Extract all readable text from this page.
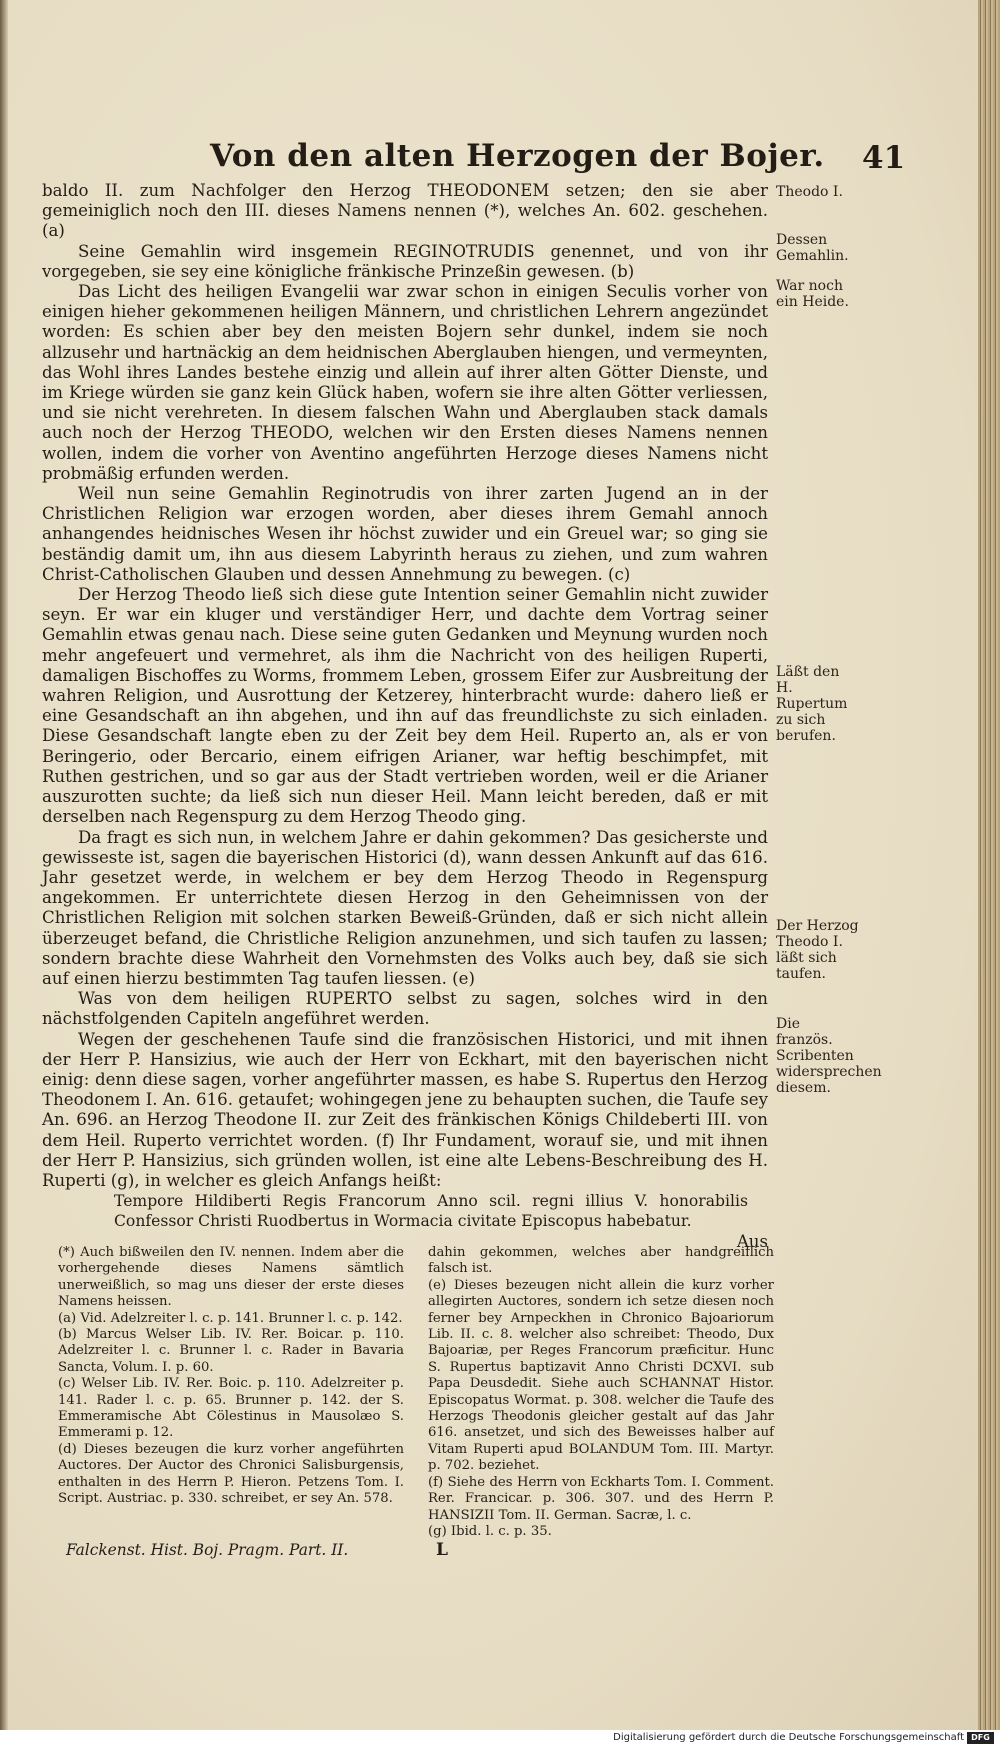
Von den alten Herzogen der Bojer. 41

baldo II. zum Nachfolger den Herzog THEODONEM setzen; den sie aber gemeiniglich noch den III. dieses Namens nennen (*), welches An. 602. geschehen. (a)

Seine Gemahlin wird insgemein REGINOTRUDIS genennet, und von ihr vorgegeben, sie sey eine königliche fränkische Prinzeßin gewesen. (b)

Das Licht des heiligen Evangelii war zwar schon in einigen Seculis vorher von einigen hieher gekommenen heiligen Männern, und christlichen Lehrern angezündet worden: Es schien aber bey den meisten Bojern sehr dunkel, indem sie noch allzusehr und hartnäckig an dem heidnischen Aberglauben hiengen, und vermeynten, das Wohl ihres Landes bestehe einzig und allein auf ihrer alten Götter Dienste, und im Kriege würden sie ganz kein Glück haben, wofern sie ihre alten Götter verliessen, und sie nicht verehreten. In diesem falschen Wahn und Aberglauben stack damals auch noch der Herzog THEODO, welchen wir den Ersten dieses Namens nennen wollen, indem die vorher von Aventino angeführten Herzoge dieses Namens nicht probmäßig erfunden werden.

Weil nun seine Gemahlin Reginotrudis von ihrer zarten Jugend an in der Christlichen Religion war erzogen worden, aber dieses ihrem Gemahl annoch anhangendes heidnisches Wesen ihr höchst zuwider und ein Greuel war; so ging sie beständig damit um, ihn aus diesem Labyrinth heraus zu ziehen, und zum wahren Christ-Catholischen Glauben und dessen Annehmung zu bewegen. (c)

Der Herzog Theodo ließ sich diese gute Intention seiner Gemahlin nicht zuwider seyn. Er war ein kluger und verständiger Herr, und dachte dem Vortrag seiner Gemahlin etwas genau nach. Diese seine guten Gedanken und Meynung wurden noch mehr angefeuert und vermehret, als ihm die Nachricht von des heiligen Ruperti, damaligen Bischoffes zu Worms, frommem Leben, grossem Eifer zur Ausbreitung der wahren Religion, und Ausrottung der Ketzerey, hinterbracht wurde: dahero ließ er eine Gesandschaft an ihn abgehen, und ihn auf das freundlichste zu sich einladen. Diese Gesandschaft langte eben zu der Zeit bey dem Heil. Ruperto an, als er von Beringerio, oder Bercario, einem eifrigen Arianer, war heftig beschimpfet, mit Ruthen gestrichen, und so gar aus der Stadt vertrieben worden, weil er die Arianer auszurotten suchte; da ließ sich nun dieser Heil. Mann leicht bereden, daß er mit derselben nach Regenspurg zu dem Herzog Theodo ging.

Da fragt es sich nun, in welchem Jahre er dahin gekommen? Das gesicherste und gewisseste ist, sagen die bayerischen Historici (d), wann dessen Ankunft auf das 616. Jahr gesetzet werde, in welchem er bey dem Herzog Theodo in Regenspurg angekommen. Er unterrichtete diesen Herzog in den Geheimnissen von der Christlichen Religion mit solchen starken Beweiß-Gründen, daß er sich nicht allein überzeuget befand, die Christliche Religion anzunehmen, und sich taufen zu lassen; sondern brachte diese Wahrheit den Vornehmsten des Volks auch bey, daß sie sich auf einen hierzu bestimmten Tag taufen liessen. (e)

Was von dem heiligen RUPERTO selbst zu sagen, solches wird in den nächstfolgenden Capiteln angeführet werden.

Wegen der geschehenen Taufe sind die französischen Historici, und mit ihnen der Herr P. Hansizius, wie auch der Herr von Eckhart, mit den bayerischen nicht einig: denn diese sagen, vorher angeführter massen, es habe S. Rupertus den Herzog Theodonem I. An. 616. getaufet; wohingegen jene zu behaupten suchen, die Taufe sey An. 696. an Herzog Theodone II. zur Zeit des fränkischen Königs Childeberti III. von dem Heil. Ruperto verrichtet worden. (f) Ihr Fundament, worauf sie, und mit ihnen der Herr P. Hansizius, sich gründen wollen, ist eine alte Lebens-Beschreibung des H. Ruperti (g), in welcher es gleich Anfangs heißt:

Tempore Hildiberti Regis Francorum Anno scil. regni illius V. honorabilis Confessor Christi Ruodbertus in Wormacia civitate Episcopus habebatur.

Aus

Theodo I.
Dessen Gemahlin.
War noch ein Heide.
Läßt den H. Rupertum zu sich berufen.
Der Herzog Theodo I. läßt sich taufen.
Die französ. Scribenten widersprechen diesem.

(*) Auch bißweilen den IV. nennen. Indem aber die vorhergehende dieses Namens sämtlich unerweißlich, so mag uns dieser der erste dieses Namens heissen.

(a) Vid. Adelzreiter l. c. p. 141. Brunner l. c. p. 142.

(b) Marcus Welser Lib. IV. Rer. Boicar. p. 110. Adelzreiter l. c. Brunner l. c. Rader in Bavaria Sancta, Volum. I. p. 60.

(c) Welser Lib. IV. Rer. Boic. p. 110. Adelzreiter p. 141. Rader l. c. p. 65. Brunner p. 142. der S. Emmeramische Abt Cölestinus in Mausolæo S. Emmerami p. 12.

(d) Dieses bezeugen die kurz vorher angeführten Auctores. Der Auctor des Chronici Salisburgensis, enthalten in des Herrn P. Hieron. Petzens Tom. I. Script. Austriac. p. 330. schreibet, er sey An. 578.

dahin gekommen, welches aber handgreiflich falsch ist.

(e) Dieses bezeugen nicht allein die kurz vorher allegirten Auctores, sondern ich setze diesen noch ferner bey Arnpeckhen in Chronico Bajoariorum Lib. II. c. 8. welcher also schreibet: Theodo, Dux Bajoariæ, per Reges Francorum præficitur. Hunc S. Rupertus baptizavit Anno Christi DCXVI. sub Papa Deusdedit. Siehe auch SCHANNAT Histor. Episcopatus Wormat. p. 308. welcher die Taufe des Herzogs Theodonis gleicher gestalt auf das Jahr 616. ansetzet, und sich des Beweisses halber auf Vitam Ruperti apud BOLANDUM Tom. III. Martyr. p. 702. beziehet.

(f) Siehe des Herrn von Eckharts Tom. I. Comment. Rer. Francicar. p. 306. 307. und des Herrn P. HANSIZII Tom. II. German. Sacræ, l. c.

(g) Ibid. l. c. p. 35.

Falckenst. Hist. Boj. Pragm. Part. II.	L
Digitalisierung gefördert durch die Deutsche Forschungsgemeinschaft DFG
